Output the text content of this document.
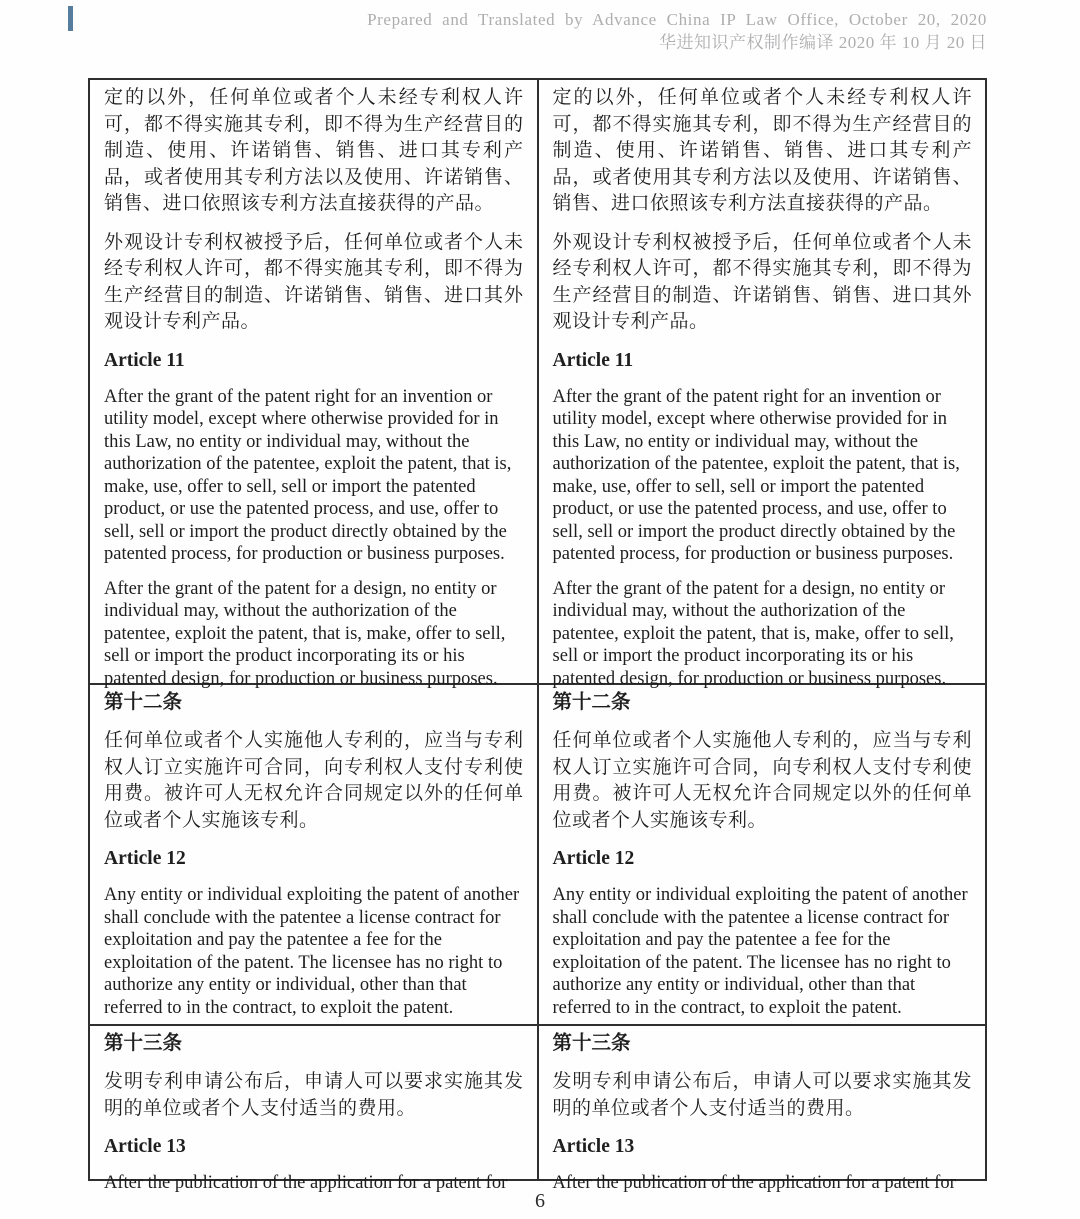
Prepared and Translated by Advance China IP Law Office, October 20, 2020
华进知识产权制作编译 2020 年 10 月 20 日
定的以外，任何单位或者个人未经专利权人许可，都不得实施其专利，即不得为生产经营目的制造、使用、许诺销售、销售、进口其专利产品，或者使用其专利方法以及使用、许诺销售、销售、进口依照该专利方法直接获得的产品。
外观设计专利权被授予后，任何单位或者个人未经专利权人许可，都不得实施其专利，即不得为生产经营目的制造、许诺销售、销售、进口其外观设计专利产品。
Article 11
After the grant of the patent right for an invention or utility model, except where otherwise provided for in this Law, no entity or individual may, without the authorization of the patentee, exploit the patent, that is, make, use, offer to sell, sell or import the patented product, or use the patented process, and use, offer to sell, sell or import the product directly obtained by the patented process, for production or business purposes.
After the grant of the patent for a design, no entity or individual may, without the authorization of the patentee, exploit the patent, that is, make, offer to sell, sell or import the product incorporating its or his patented design, for production or business purposes.

定的以外，任何单位或者个人未经专利权人许可，都不得实施其专利，即不得为生产经营目的制造、使用、许诺销售、销售、进口其专利产品，或者使用其专利方法以及使用、许诺销售、销售、进口依照该专利方法直接获得的产品。
外观设计专利权被授予后，任何单位或者个人未经专利权人许可，都不得实施其专利，即不得为生产经营目的制造、许诺销售、销售、进口其外观设计专利产品。
Article 11
After the grant of the patent right for an invention or utility model, except where otherwise provided for in this Law, no entity or individual may, without the authorization of the patentee, exploit the patent, that is, make, use, offer to sell, sell or import the patented product, or use the patented process, and use, offer to sell, sell or import the product directly obtained by the patented process, for production or business purposes.
After the grant of the patent for a design, no entity or individual may, without the authorization of the patentee, exploit the patent, that is, make, offer to sell, sell or import the product incorporating its or his patented design, for production or business purposes.

第十二条
任何单位或者个人实施他人专利的，应当与专利权人订立实施许可合同，向专利权人支付专利使用费。被许可人无权允许合同规定以外的任何单位或者个人实施该专利。
Article 12
Any entity or individual exploiting the patent of another shall conclude with the patentee a license contract for exploitation and pay the patentee a fee for the exploitation of the patent. The licensee has no right to authorize any entity or individual, other than that referred to in the contract, to exploit the patent.

第十二条
任何单位或者个人实施他人专利的，应当与专利权人订立实施许可合同，向专利权人支付专利使用费。被许可人无权允许合同规定以外的任何单位或者个人实施该专利。
Article 12
Any entity or individual exploiting the patent of another shall conclude with the patentee a license contract for exploitation and pay the patentee a fee for the exploitation of the patent. The licensee has no right to authorize any entity or individual, other than that referred to in the contract, to exploit the patent.

第十三条
发明专利申请公布后，申请人可以要求实施其发明的单位或者个人支付适当的费用。
Article 13
After the publication of the application for a patent for

第十三条
发明专利申请公布后，申请人可以要求实施其发明的单位或者个人支付适当的费用。
Article 13
After the publication of the application for a patent for
6
